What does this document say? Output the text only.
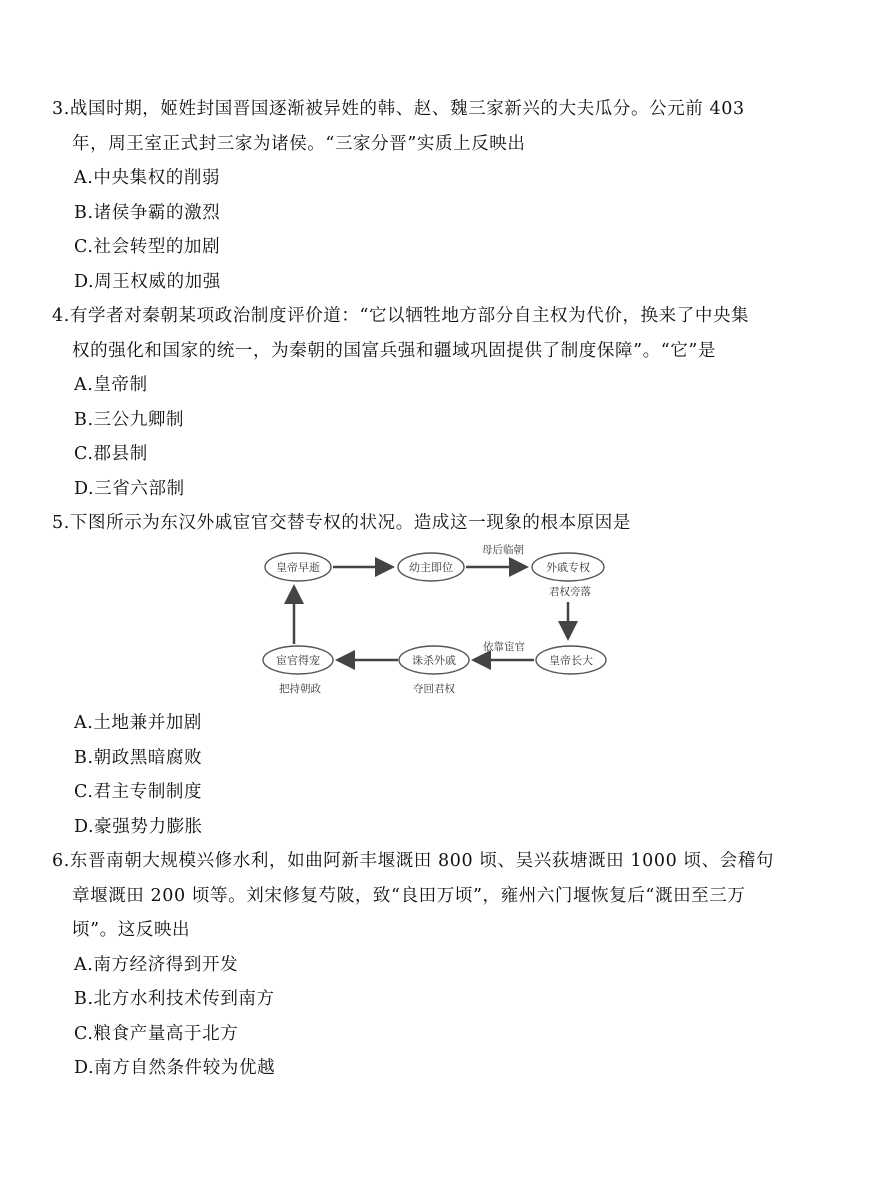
3.战国时期，姬姓封国晋国逐渐被异姓的韩、赵、魏三家新兴的大夫瓜分。公元前 403
年，周王室正式封三家为诸侯。“三家分晋”实质上反映出
A.中央集权的削弱
B.诸侯争霸的激烈
C.社会转型的加剧
D.周王权威的加强
4.有学者对秦朝某项政治制度评价道：“它以牺牲地方部分自主权为代价，换来了中央集
权的强化和国家的统一，为秦朝的国富兵强和疆域巩固提供了制度保障”。“它”是
A.皇帝制
B.三公九卿制
C.郡县制
D.三省六部制
5.下图所示为东汉外戚宦官交替专权的状况。造成这一现象的根本原因是
皇帝早逝	幼主即位	外戚专权
宦官得宠	诛杀外戚	皇帝长大
母后临朝
君权旁落
依靠宦官
夺回君权
把持朝政
A.土地兼并加剧
B.朝政黑暗腐败
C.君主专制制度
D.豪强势力膨胀
6.东晋南朝大规模兴修水利，如曲阿新丰堰溉田 800 顷、吴兴荻塘溉田 1000 顷、会稽句
章堰溉田 200 顷等。刘宋修复芍陂，致“良田万顷”，雍州六门堰恢复后“溉田至三万
顷”。这反映出
A.南方经济得到开发
B.北方水利技术传到南方
C.粮食产量高于北方
D.南方自然条件较为优越
